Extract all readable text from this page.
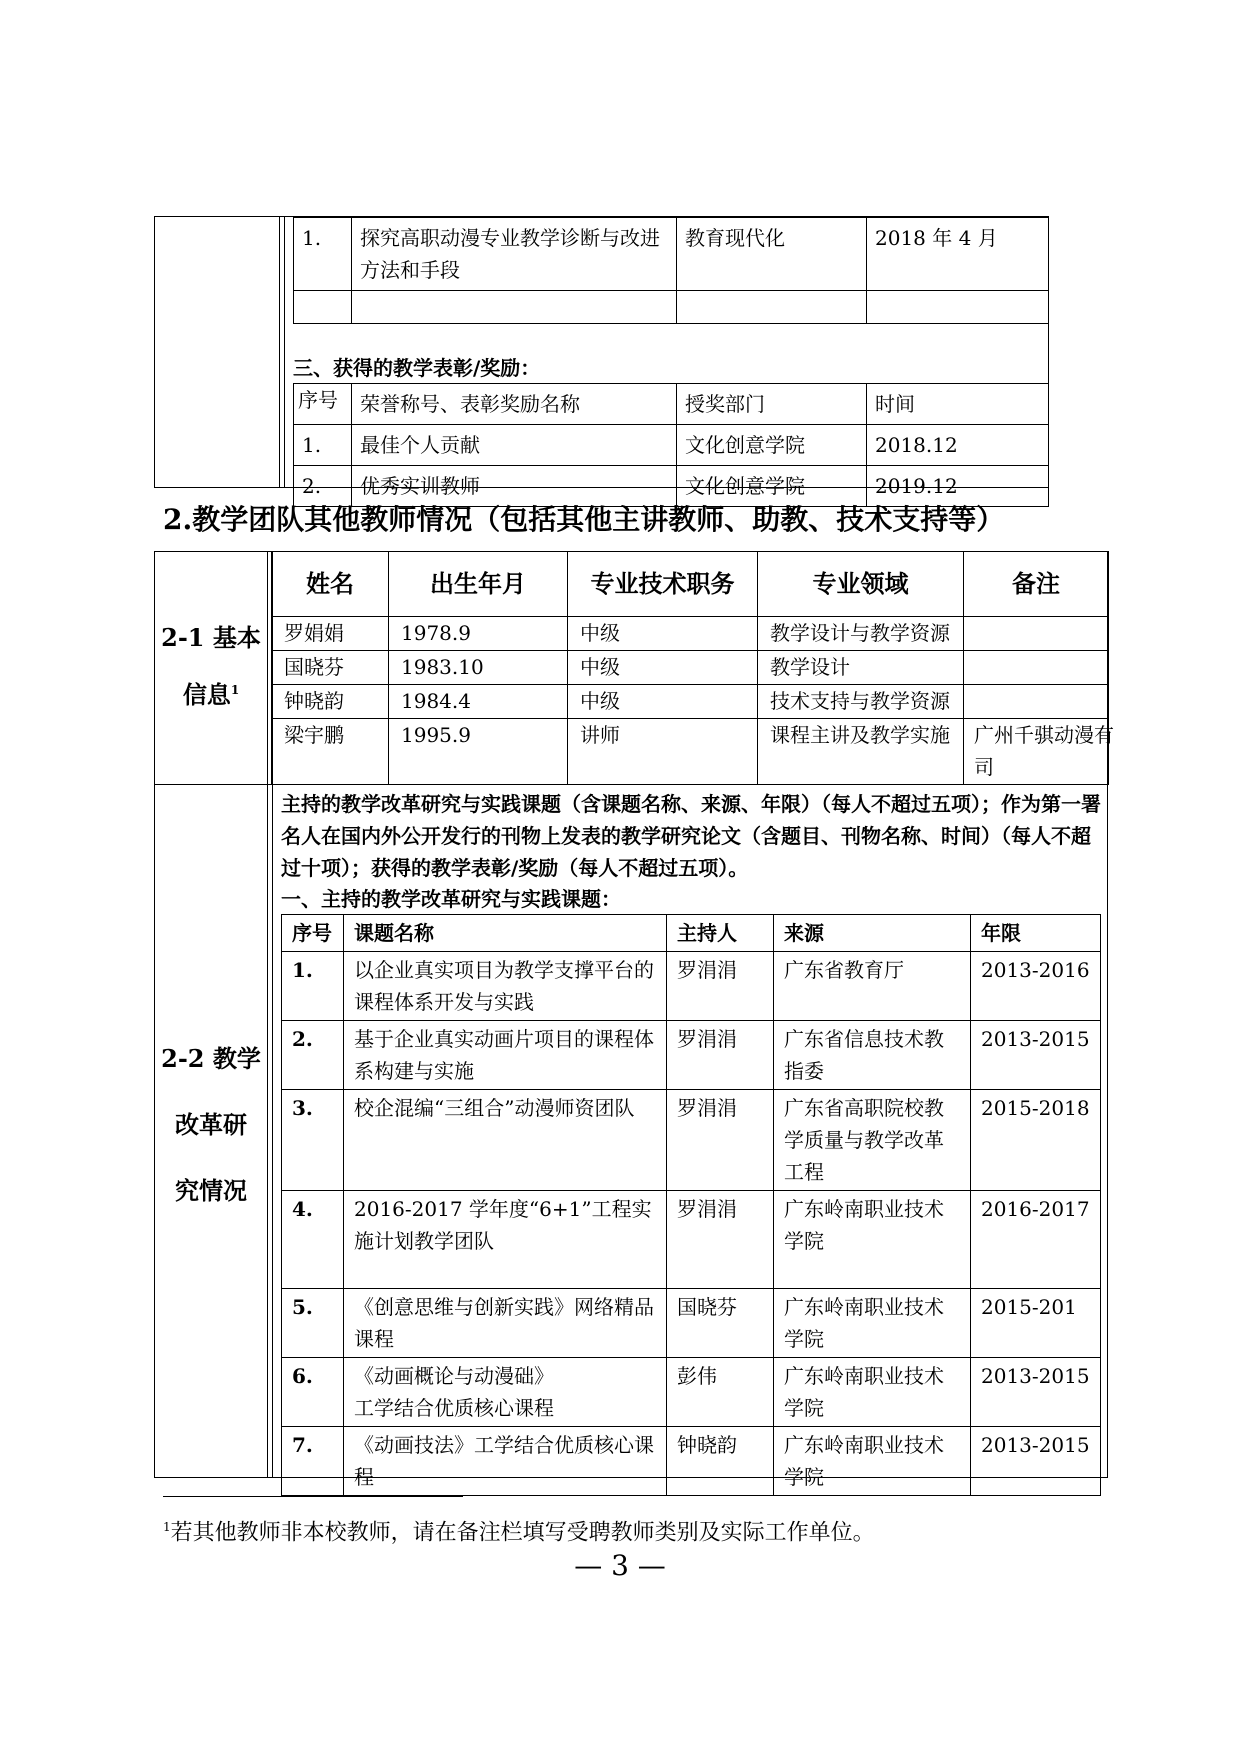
1.	探究高职动漫专业教学诊断与改进方法和手段	教育现代化	2018 年 4 月

三、获得的教学表彰/奖励：
序号	荣誉称号、表彰奖励名称	授奖部门	时间
1.	最佳个人贡献	文化创意学院	2018.12
2.	优秀实训教师	文化创意学院	2019.12
2.教学团队其他教师情况（包括其他主讲教师、助教、技术支持等）
2-1 基本
信息$^1$
姓名	出生年月	专业技术职务	专业领域	备注
罗娟娟	1978.9	中级	教学设计与教学资源	
国晓芬	1983.10	中级	教学设计	
钟晓韵	1984.4	中级	技术支持与教学资源	
梁宇鹏	1995.9	讲师	课程主讲及教学实施	广州千骐动漫有
司
2-2 教学
改革研
究情况
主持的教学改革研究与实践课题（含课题名称、来源、年限）（每人不超过五项）；作为第一署名人在国内外公开发行的刊物上发表的教学研究论文（含题目、刊物名称、时间）（每人不超过十项）；获得的教学表彰/奖励（每人不超过五项）。
一、主持的教学改革研究与实践课题：
序号	课题名称	主持人	来源	年限
1.	以企业真实项目为教学支撑平台的课程体系开发与实践	罗涓涓	广东省教育厅	2013-2016
2.	基于企业真实动画片项目的课程体系构建与实施	罗涓涓	广东省信息技术教指委	2013-2015
3.	校企混编“三组合”动漫师资团队	罗涓涓	广东省高职院校教学质量与教学改革工程	2015-2018
4.	2016-2017 学年度“6+1”工程实施计划教学团队	罗涓涓	广东岭南职业技术学院	2016-2017
5.	《创意思维与创新实践》网络精品课程	国晓芬	广东岭南职业技术学院	2015-201
6.	《动画概论与动漫础》
工学结合优质核心课程	彭伟	广东岭南职业技术学院	2013-2015
7.	《动画技法》工学结合优质核心课程	钟晓韵	广东岭南职业技术学院	2013-2015
$^1$若其他教师非本校教师，请在备注栏填写受聘教师类别及实际工作单位。
— 3 —
